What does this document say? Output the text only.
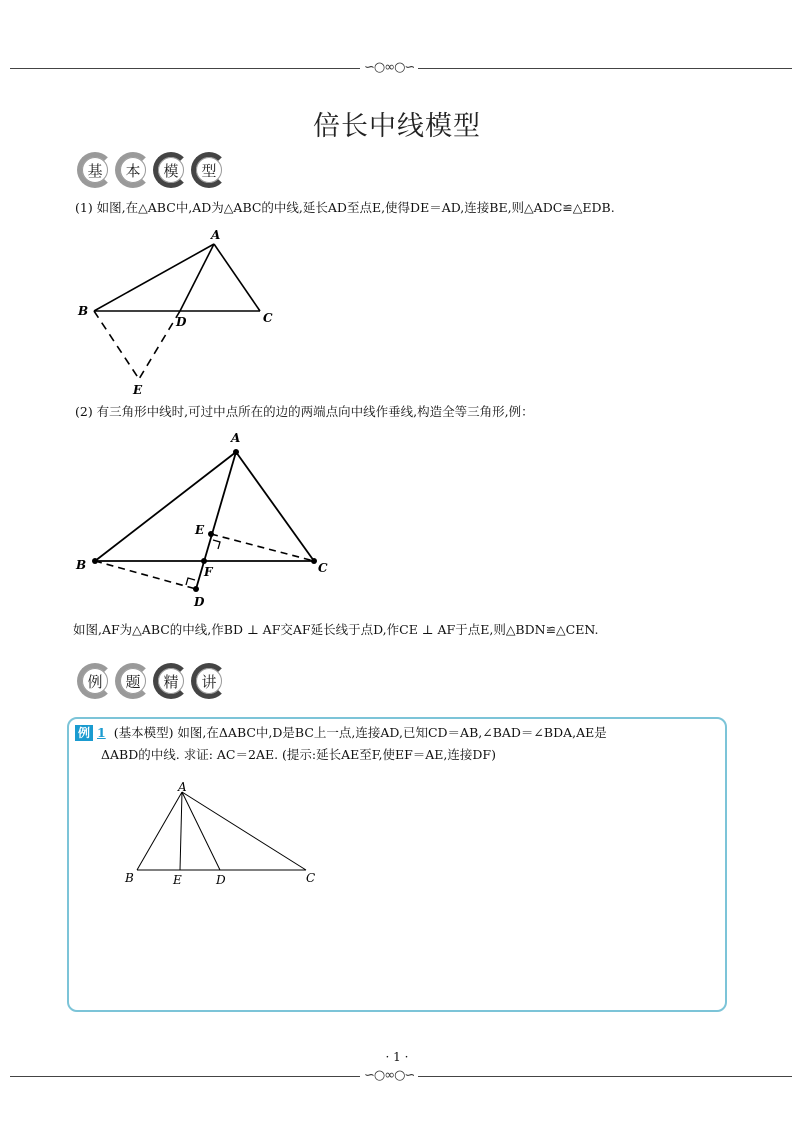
∽○∞○∽
倍长中线模型
基	本	模	型
(1) 如图,在△ABC中,AD为△ABC的中线,延长AD至点E,使得DE＝AD,连接BE,则△ADC≌△EDB.
A
B	C
D
E
(2) 有三角形中线时,可过中点所在的边的两端点向中线作垂线,构造全等三角形,例：
A
B	C
E
F
D
如图,AF为△ABC的中线,作BD ⊥ AF交AF延长线于点D,作CE ⊥ AF于点E,则△BDN≌△CEN.
例	题	精	讲
例 1 (基本模型) 如图,在ΔABC中,D是BC上一点,连接AD,已知CD＝AB,∠BAD＝∠BDA,AE是
ΔABD的中线. 求证: AC＝2AE. (提示:延长AE至F,使EF＝AE,连接DF)
A
B	C
D
E
· 1 ·
∽○∞○∽
